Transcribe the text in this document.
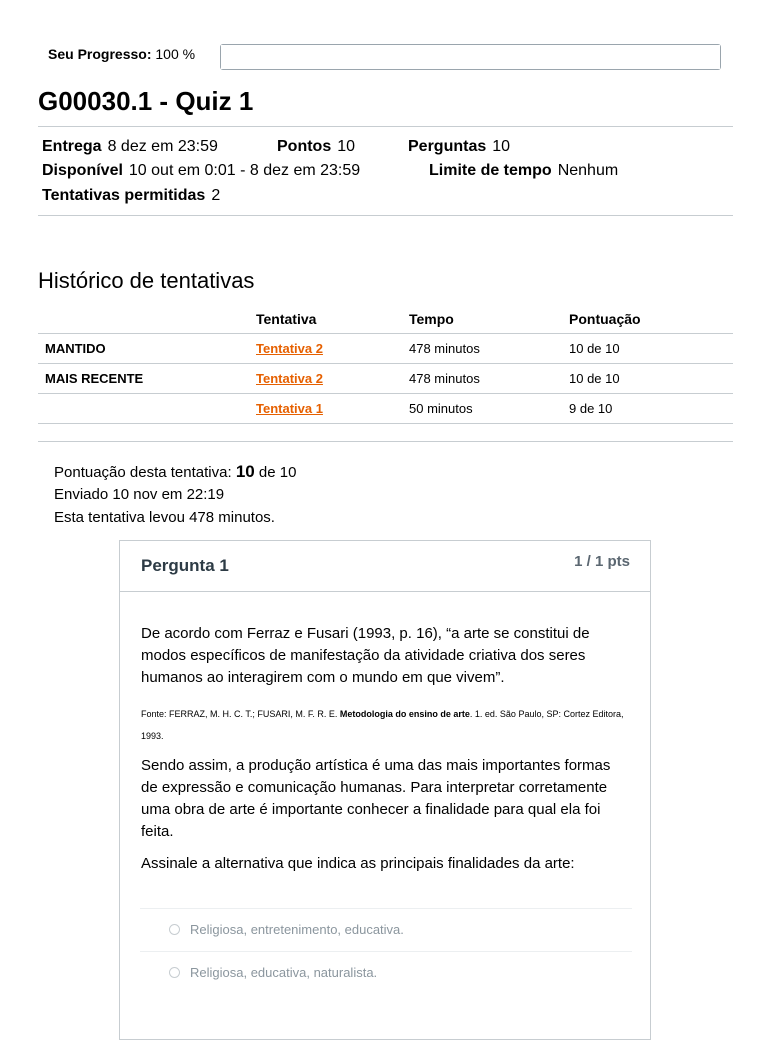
Seu Progresso: 100 %
G00030.1 - Quiz 1
Entrega 8 dez em 23:59	Pontos 10	Perguntas 10
Disponível 10 out em 0:01 - 8 dez em 23:59	Limite de tempo Nenhum
Tentativas permitidas 2
Histórico de tentativas
	Tentativa	Tempo	Pontuação
MANTIDO	Tentativa 2	478 minutos	10 de 10
MAIS RECENTE	Tentativa 2	478 minutos	10 de 10
	Tentativa 1	50 minutos	9 de 10
Pontuação desta tentativa: 10 de 10
Enviado 10 nov em 22:19
Esta tentativa levou 478 minutos.
Pergunta 1	1 / 1 pts
De acordo com Ferraz e Fusari (1993, p. 16), “a arte se constitui de modos específicos de manifestação da atividade criativa dos seres humanos ao interagirem com o mundo em que vivem”.
Fonte: FERRAZ, M. H. C. T.; FUSARI, M. F. R. E. Metodologia do ensino de arte. 1. ed. São Paulo, SP: Cortez Editora, 1993.
Sendo assim, a produção artística é uma das mais importantes formas de expressão e comunicação humanas. Para interpretar corretamente uma obra de arte é importante conhecer a finalidade para qual ela foi feita.
Assinale a alternativa que indica as principais finalidades da arte:
Religiosa, entretenimento, educativa.
Religiosa, educativa, naturalista.
